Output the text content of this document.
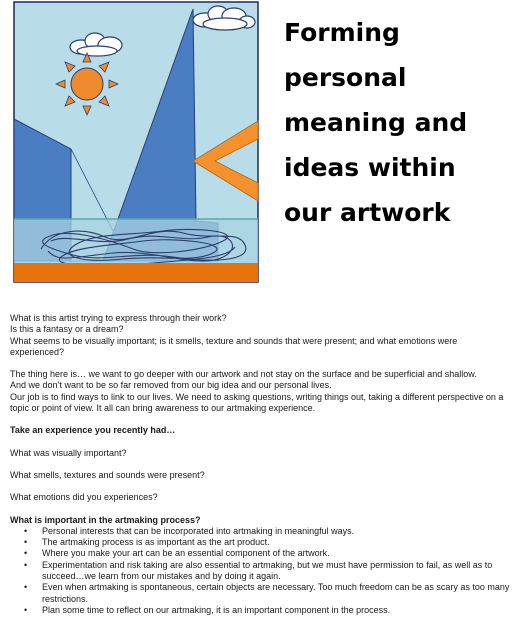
Forming
personal
meaning and
ideas within
our artwork

What is this artist trying to express through their work?

Is this a fantasy or a dream?

What seems to be visually important; is it smells, texture and sounds that were present; and what emotions were experienced?

The thing here is… we want to go deeper with our artwork and not stay on the surface and be superficial and shallow.

And we don’t want to be so far removed from our big idea and our personal lives.

Our job is to find ways to link to our lives. We need to asking questions, writing things out, taking a different perspective on a topic or point of view. It all can bring awareness to our artmaking experience.

Take an experience you recently had…

What was visually important?

What smells, textures and sounds were present?

What emotions did you experiences?

What is important in the artmaking process?

• Personal interests that can be incorporated into artmaking in meaningful ways.
• The artmaking process is as important as the art product.
• Where you make your art can be an essential component of the artwork.
• Experimentation and risk taking are also essential to artmaking, but we must have permission to fail, as well as to succeed…we learn from our mistakes and by doing it again.
• Even when artmaking is spontaneous, certain objects are necessary. Too much freedom can be as scary as too many restrictions.
• Plan some time to reflect on our artmaking, it is an important component in the process.
